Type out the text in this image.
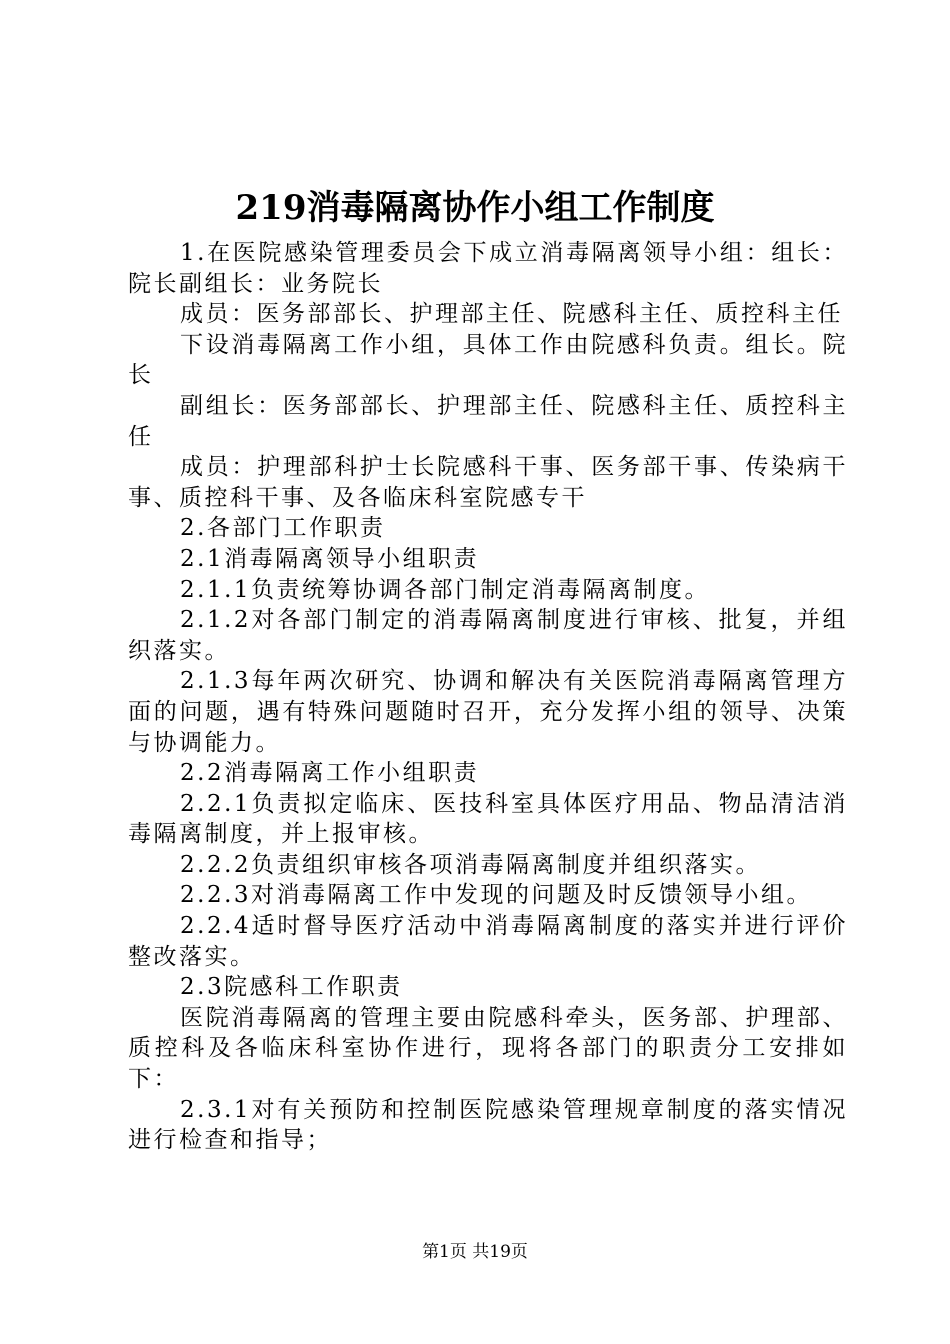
219消毒隔离协作小组工作制度

1.在医院感染管理委员会下成立消毒隔离领导小组：组长：院长副组长：业务院长

成员：医务部部长、护理部主任、院感科主任、质控科主任

下设消毒隔离工作小组，具体工作由院感科负责。组长。院长

副组长：医务部部长、护理部主任、院感科主任、质控科主任

成员：护理部科护士长院感科干事、医务部干事、传染病干事、质控科干事、及各临床科室院感专干

2.各部门工作职责

2.1消毒隔离领导小组职责

2.1.1负责统筹协调各部门制定消毒隔离制度。

2.1.2对各部门制定的消毒隔离制度进行审核、批复，并组织落实。

2.1.3每年两次研究、协调和解决有关医院消毒隔离管理方面的问题，遇有特殊问题随时召开，充分发挥小组的领导、决策与协调能力。

2.2消毒隔离工作小组职责

2.2.1负责拟定临床、医技科室具体医疗用品、物品清洁消毒隔离制度，并上报审核。

2.2.2负责组织审核各项消毒隔离制度并组织落实。

2.2.3对消毒隔离工作中发现的问题及时反馈领导小组。

2.2.4适时督导医疗活动中消毒隔离制度的落实并进行评价整改落实。

2.3院感科工作职责

医院消毒隔离的管理主要由院感科牵头，医务部、护理部、质控科及各临床科室协作进行，现将各部门的职责分工安排如下：

2.3.1对有关预防和控制医院感染管理规章制度的落实情况进行检查和指导；

第1页 共19页
